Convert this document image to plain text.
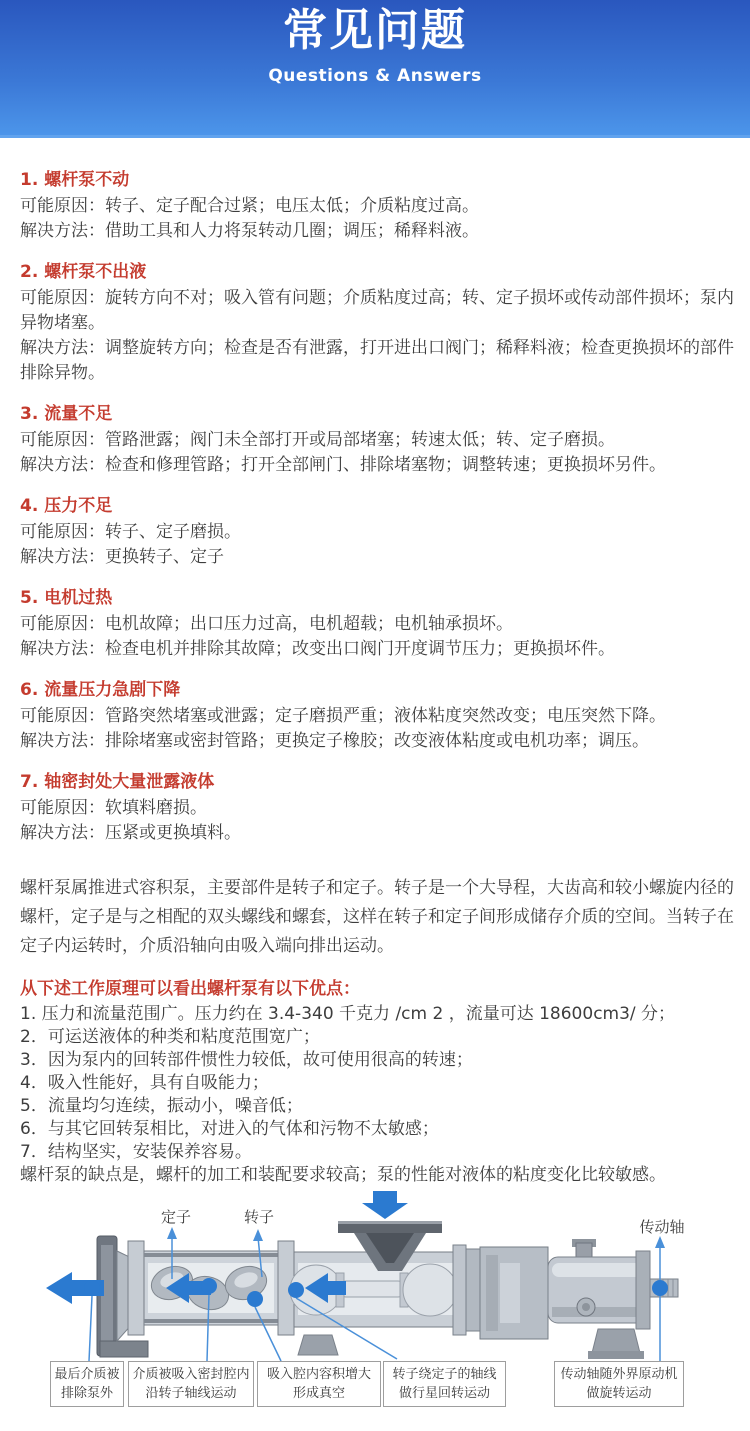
常见问题
Questions & Answers
1. 螺杆泵不动

可能原因：转子、定子配合过紧；电压太低；介质粘度过高。

解决方法：借助工具和人力将泵转动几圈；调压；稀释料液。

2. 螺杆泵不出液

可能原因：旋转方向不对；吸入管有问题；介质粘度过高；转、定子损坏或传动部件损坏；泵内异物堵塞。

解决方法：调整旋转方向；检查是否有泄露，打开进出口阀门；稀释料液；检查更换损坏的部件排除异物。

3. 流量不足

可能原因：管路泄露；阀门未全部打开或局部堵塞；转速太低；转、定子磨损。

解决方法：检查和修理管路；打开全部闸门、排除堵塞物；调整转速；更换损坏另件。

4. 压力不足

可能原因：转子、定子磨损。

解决方法：更换转子、定子

5. 电机过热

可能原因：电机故障；出口压力过高，电机超载；电机轴承损坏。

解决方法：检查电机并排除其故障；改变出口阀门开度调节压力；更换损坏件。

6. 流量压力急剧下降

可能原因：管路突然堵塞或泄露；定子磨损严重；液体粘度突然改变；电压突然下降。

解决方法：排除堵塞或密封管路；更换定子橡胶；改变液体粘度或电机功率；调压。

7. 轴密封处大量泄露液体

可能原因：软填料磨损。

解决方法：压紧或更换填料。

螺杆泵属推进式容积泵，主要部件是转子和定子。转子是一个大导程，大齿高和较小螺旋内径的螺杆，定子是与之相配的双头螺线和螺套，这样在转子和定子间形成储存介质的空间。当转子在定子内运转时，介质沿轴向由吸入端向排出运动。

从下述工作原理可以看出螺杆泵有以下优点：

1. 压力和流量范围广。压力约在 3.4-340 千克力 /cm 2 ，流量可达 18600cm3/ 分；

2．可运送液体的种类和粘度范围宽广；

3．因为泵内的回转部件惯性力较低，故可使用很高的转速；

4．吸入性能好，具有自吸能力；

5．流量均匀连续，振动小，噪音低；

6．与其它回转泵相比，对进入的气体和污物不太敏感；

7．结构坚实，安装保养容易。

螺杆泵的缺点是，螺杆的加工和装配要求较高；泵的性能对液体的粘度变化比较敏感。

定子	转子
传动轴
最后介质被
排除泵外
介质被吸入密封腔内
沿转子轴线运动
吸入腔内容积增大
形成真空
转子绕定子的轴线
做行星回转运动
传动轴随外界原动机
做旋转运动
